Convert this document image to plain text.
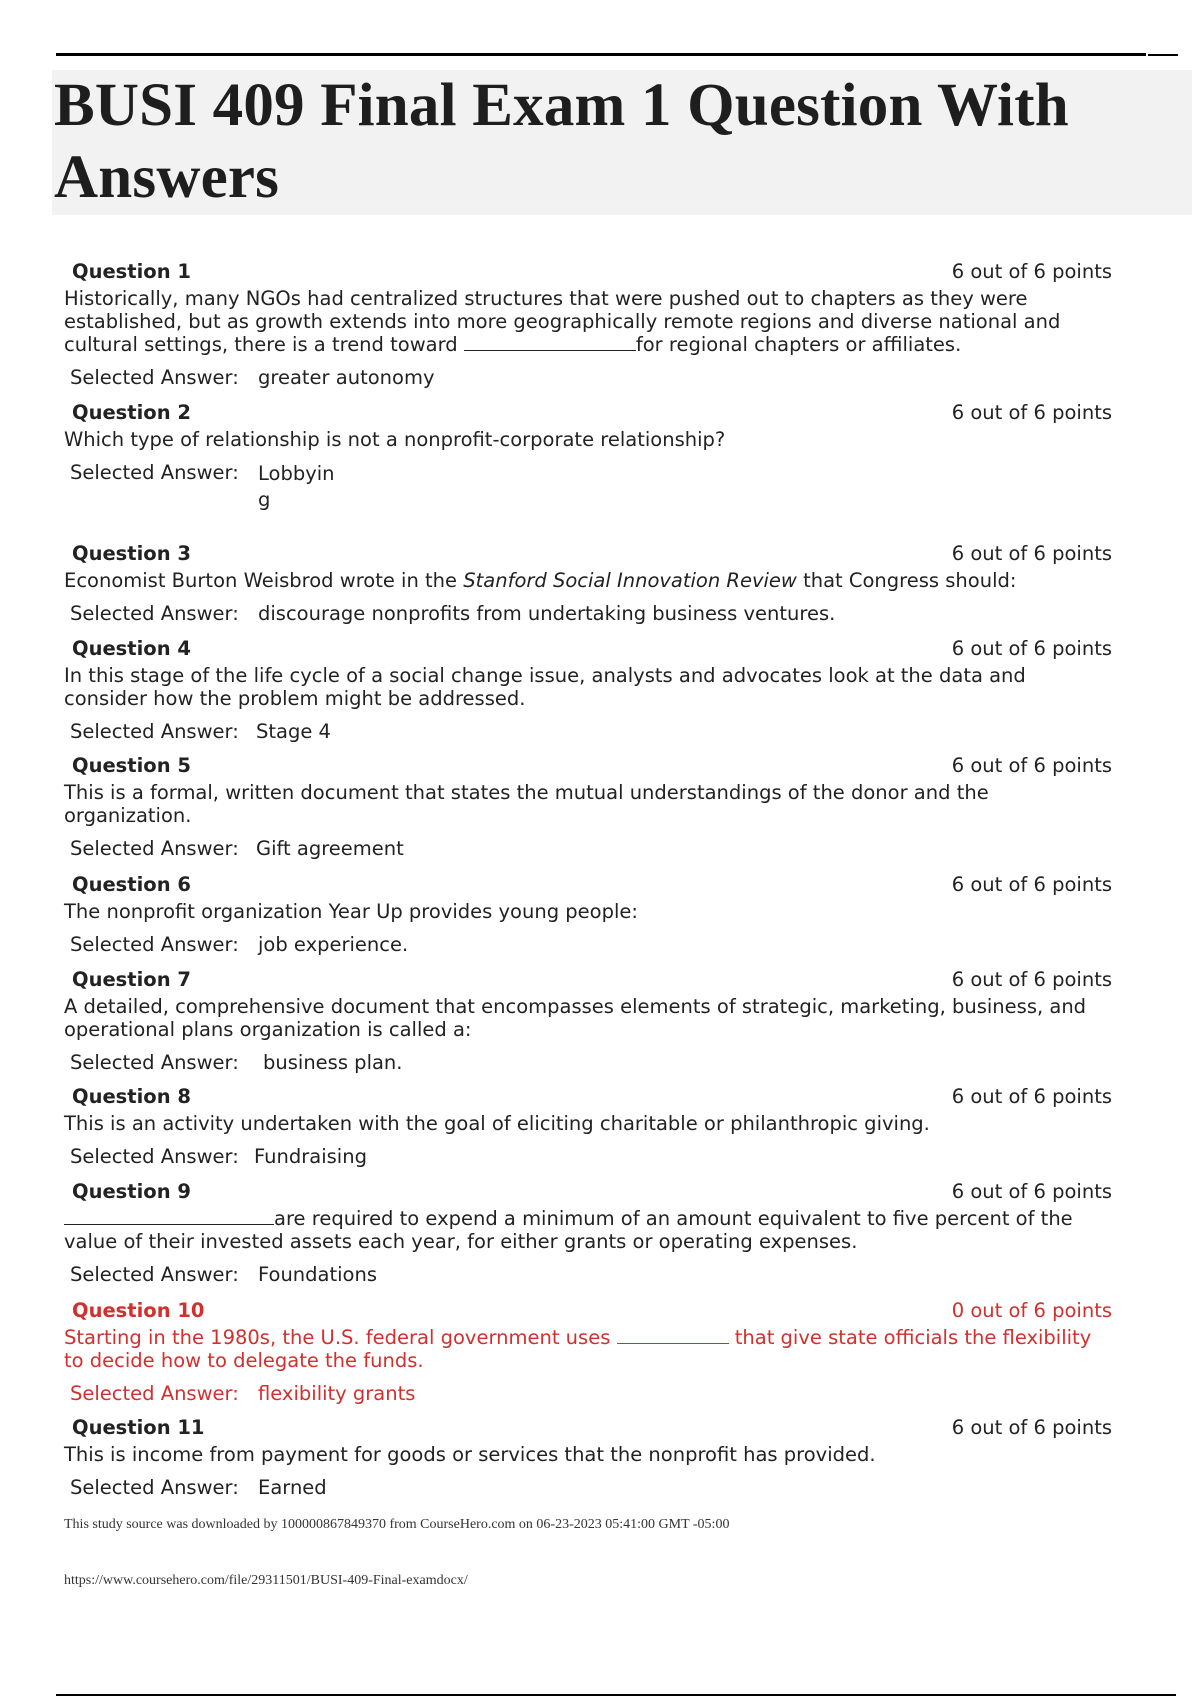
BUSI 409 Final Exam 1 Question With Answers
Question 1	6 out of 6 points
Historically, many NGOs had centralized structures that were pushed out to chapters as they were established, but as growth extends into more geographically remote regions and diverse national and cultural settings, there is a trend toward	for regional chapters or affiliates.
Selected Answer: greater autonomy
Question 2	6 out of 6 points
Which type of relationship is not a nonprofit-corporate relationship?
Selected Answer: Lobbying
Question 3	6 out of 6 points
Economist Burton Weisbrod wrote in the Stanford Social Innovation Review that Congress should:
Selected Answer: discourage nonprofits from undertaking business ventures.
Question 4	6 out of 6 points
In this stage of the life cycle of a social change issue, analysts and advocates look at the data and consider how the problem might be addressed.
Selected Answer: Stage 4
Question 5	6 out of 6 points
This is a formal, written document that states the mutual understandings of the donor and the organization.
Selected Answer: Gift agreement
Question 6	6 out of 6 points
The nonprofit organization Year Up provides young people:
Selected Answer: job experience.
Question 7	6 out of 6 points
A detailed, comprehensive document that encompasses elements of strategic, marketing, business, and operational plans organization is called a:
Selected Answer: business plan.
Question 8	6 out of 6 points
This is an activity undertaken with the goal of eliciting charitable or philanthropic giving.
Selected Answer: Fundraising
Question 9	6 out of 6 points
are required to expend a minimum of an amount equivalent to five percent of the value of their invested assets each year, for either grants or operating expenses.
Selected Answer: Foundations
Question 10	0 out of 6 points
Starting in the 1980s, the U.S. federal government uses	that give state officials the flexibility to decide how to delegate the funds.
Selected Answer: flexibility grants
Question 11	6 out of 6 points
This is income from payment for goods or services that the nonprofit has provided.
Selected Answer: Earned
This study source was downloaded by 100000867849370 from CourseHero.com on 06-23-2023 05:41:00 GMT -05:00
https://www.coursehero.com/file/29311501/BUSI-409-Final-examdocx/
